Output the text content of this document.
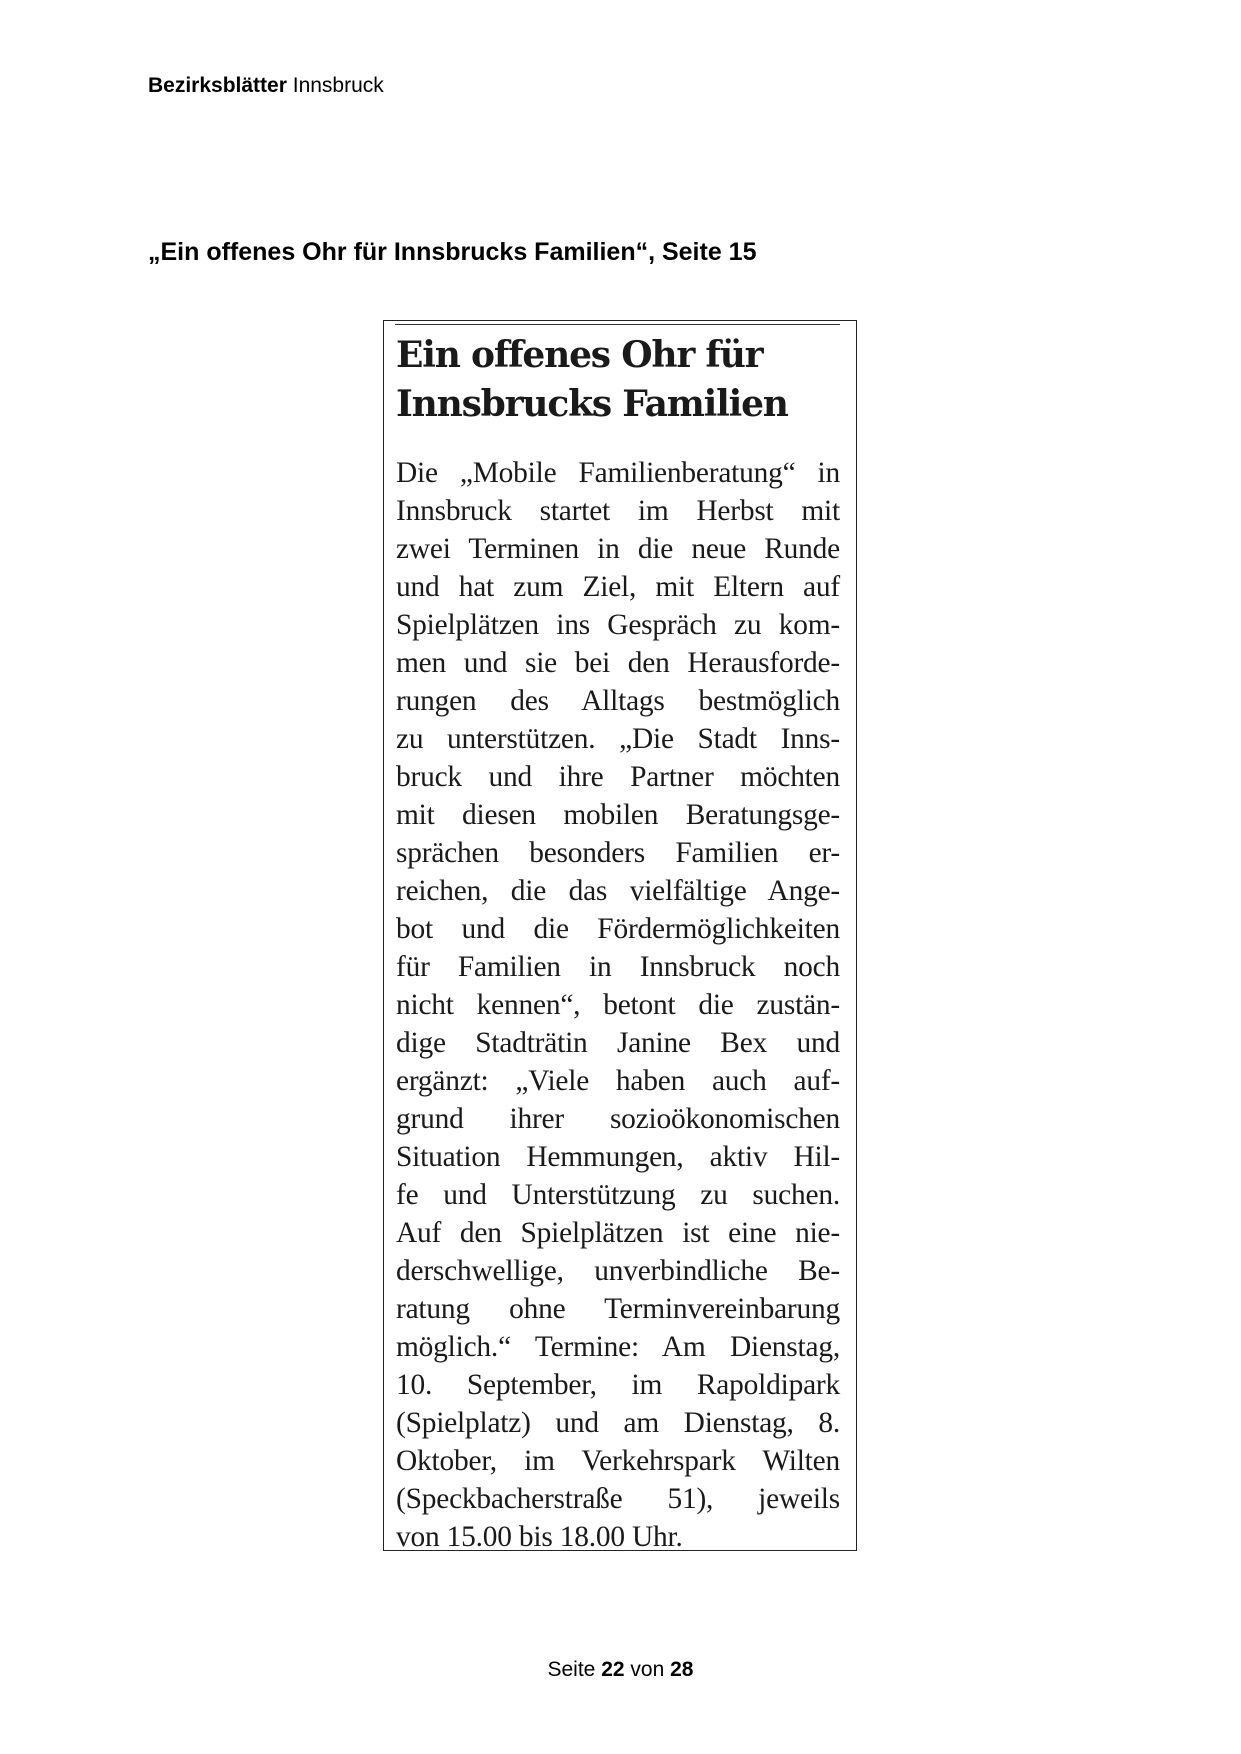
Bezirksblätter Innsbruck
„Ein offenes Ohr für Innsbrucks Familien“, Seite 15
Ein offenes Ohr für
Innsbrucks Familien
Die „Mobile Familienberatung“ in
Innsbruck startet im Herbst mit
zwei Terminen in die neue Runde
und hat zum Ziel, mit Eltern auf
Spielplätzen ins Gespräch zu kom-
men und sie bei den Herausforde-
rungen des Alltags bestmöglich
zu unterstützen. „Die Stadt Inns-
bruck und ihre Partner möchten
mit diesen mobilen Beratungsge-
sprächen besonders Familien er-
reichen, die das vielfältige Ange-
bot und die Fördermöglichkeiten
für Familien in Innsbruck noch
nicht kennen“, betont die zustän-
dige Stadträtin Janine Bex und
ergänzt: „Viele haben auch auf-
grund ihrer sozioökonomischen
Situation Hemmungen, aktiv Hil-
fe und Unterstützung zu suchen.
Auf den Spielplätzen ist eine nie-
derschwellige, unverbindliche Be-
ratung ohne Terminvereinbarung
möglich.“ Termine: Am Dienstag,
10. September, im Rapoldipark
(Spielplatz) und am Dienstag, 8.
Oktober, im Verkehrspark Wilten
(Speckbacherstraße 51), jeweils
von 15.00 bis 18.00 Uhr.
Seite 22 von 28
